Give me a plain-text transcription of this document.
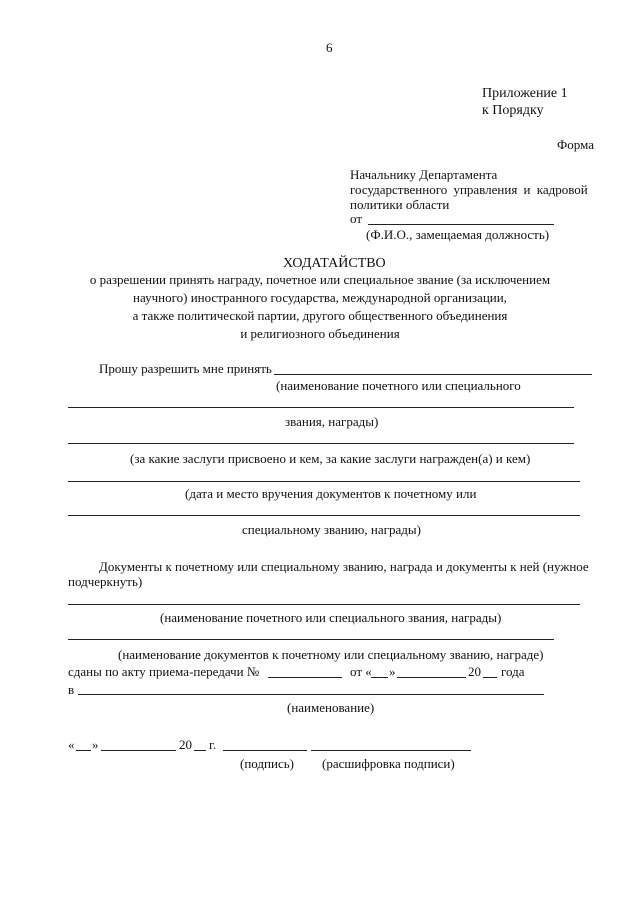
6
Приложение 1
к Порядку
Форма
Начальнику Департамента
государственного управления и кадровой
политики области
от
(Ф.И.О., замещаемая должность)
ХОДАТАЙСТВО
о разрешении принять награду, почетное или специальное звание (за исключением
научного) иностранного государства, международной организации,
а также политической партии, другого общественного объединения
и религиозного объединения
Прошу разрешить мне принять
(наименование почетного или специального
звания, награды)
(за какие заслуги присвоено и кем, за какие заслуги награжден(а) и кем)
(дата и место вручения документов к почетному или
специальному званию, награды)
Документы к почетному или специальному званию, награда и документы к ней (нужное
подчеркнуть)
(наименование почетного или специального звания, награды)
(наименование документов к почетному или специальному званию, награде)
сданы по акту приема-передачи №	от « »	20 года
в
(наименование)
« »	20 г.
(подпись) (расшифровка подписи)
